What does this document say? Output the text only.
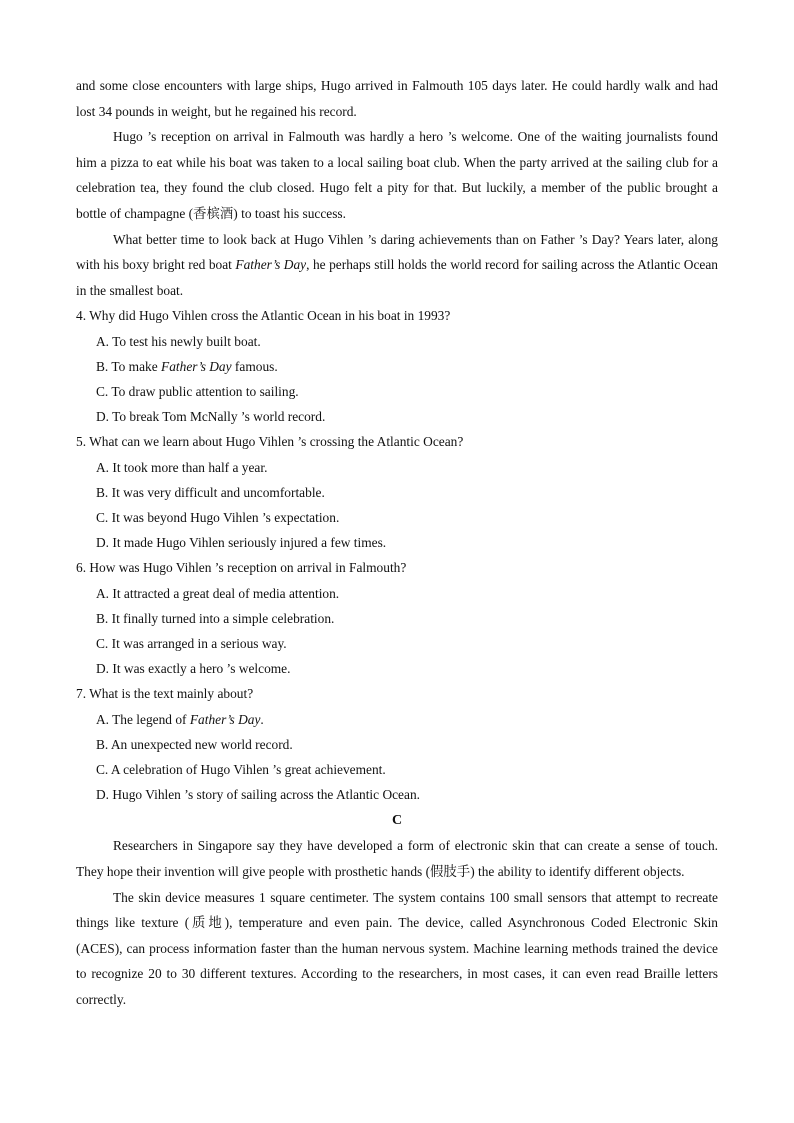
and some close encounters with large ships, Hugo arrived in Falmouth 105 days later. He could hardly walk and had lost 34 pounds in weight, but he regained his record.

Hugo ’s reception on arrival in Falmouth was hardly a hero ’s welcome. One of the waiting journalists found him a pizza to eat while his boat was taken to a local sailing boat club. When the party arrived at the sailing club for a celebration tea, they found the club closed. Hugo felt a pity for that. But luckily, a member of the public brought a bottle of champagne (香槟酒) to toast his success.

What better time to look back at Hugo Vihlen ’s daring achievements than on Father ’s Day? Years later, along with his boxy bright red boat Father’s Day, he perhaps still holds the world record for sailing across the Atlantic Ocean in the smallest boat.

4. Why did Hugo Vihlen cross the Atlantic Ocean in his boat in 1993?

A. To test his newly built boat.

B. To make Father’s Day famous.

C. To draw public attention to sailing.

D. To break Tom McNally ’s world record.

5. What can we learn about Hugo Vihlen ’s crossing the Atlantic Ocean?

A. It took more than half a year.

B. It was very difficult and uncomfortable.

C. It was beyond Hugo Vihlen ’s expectation.

D. It made Hugo Vihlen seriously injured a few times.

6. How was Hugo Vihlen ’s reception on arrival in Falmouth?

A. It attracted a great deal of media attention.

B. It finally turned into a simple celebration.

C. It was arranged in a serious way.

D. It was exactly a hero ’s welcome.

7. What is the text mainly about?

A. The legend of Father’s Day.

B. An unexpected new world record.

C. A celebration of Hugo Vihlen ’s great achievement.

D. Hugo Vihlen ’s story of sailing across the Atlantic Ocean.

C

Researchers in Singapore say they have developed a form of electronic skin that can create a sense of touch. They hope their invention will give people with prosthetic hands (假肢手) the ability to identify different objects.

The skin device measures 1 square centimeter. The system contains 100 small sensors that attempt to recreate things like texture (质地), temperature and even pain. The device, called Asynchronous Coded Electronic Skin (ACES), can process information faster than the human nervous system. Machine learning methods trained the device to recognize 20 to 30 different textures. According to the researchers, in most cases, it can even read Braille letters correctly.
